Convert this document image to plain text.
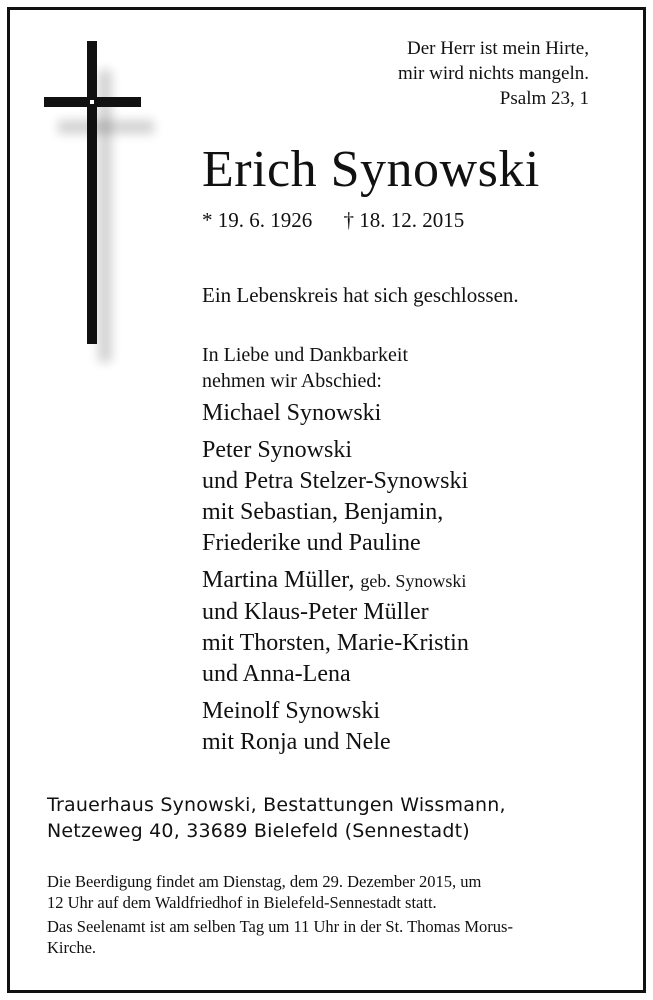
Der Herr ist mein Hirte,
mir wird nichts mangeln.
Psalm 23, 1
Erich Synowski
* 19. 6. 1926 † 18. 12. 2015
Ein Lebenskreis hat sich geschlossen.
In Liebe und Dankbarkeit
nehmen wir Abschied:
Michael Synowski
Peter Synowski
und Petra Stelzer-Synowski
mit Sebastian, Benjamin,
Friederike und Pauline
Martina Müller, geb. Synowski
und Klaus-Peter Müller
mit Thorsten, Marie-Kristin
und Anna-Lena
Meinolf Synowski
mit Ronja und Nele
Trauerhaus Synowski, Bestattungen Wissmann,
Netzeweg 40, 33689 Bielefeld (Sennestadt)
Die Beerdigung findet am Dienstag, dem 29. Dezember 2015, um
12 Uhr auf dem Waldfriedhof in Bielefeld-Sennestadt statt.
Das Seelenamt ist am selben Tag um 11 Uhr in der St. Thomas Morus-
Kirche.
